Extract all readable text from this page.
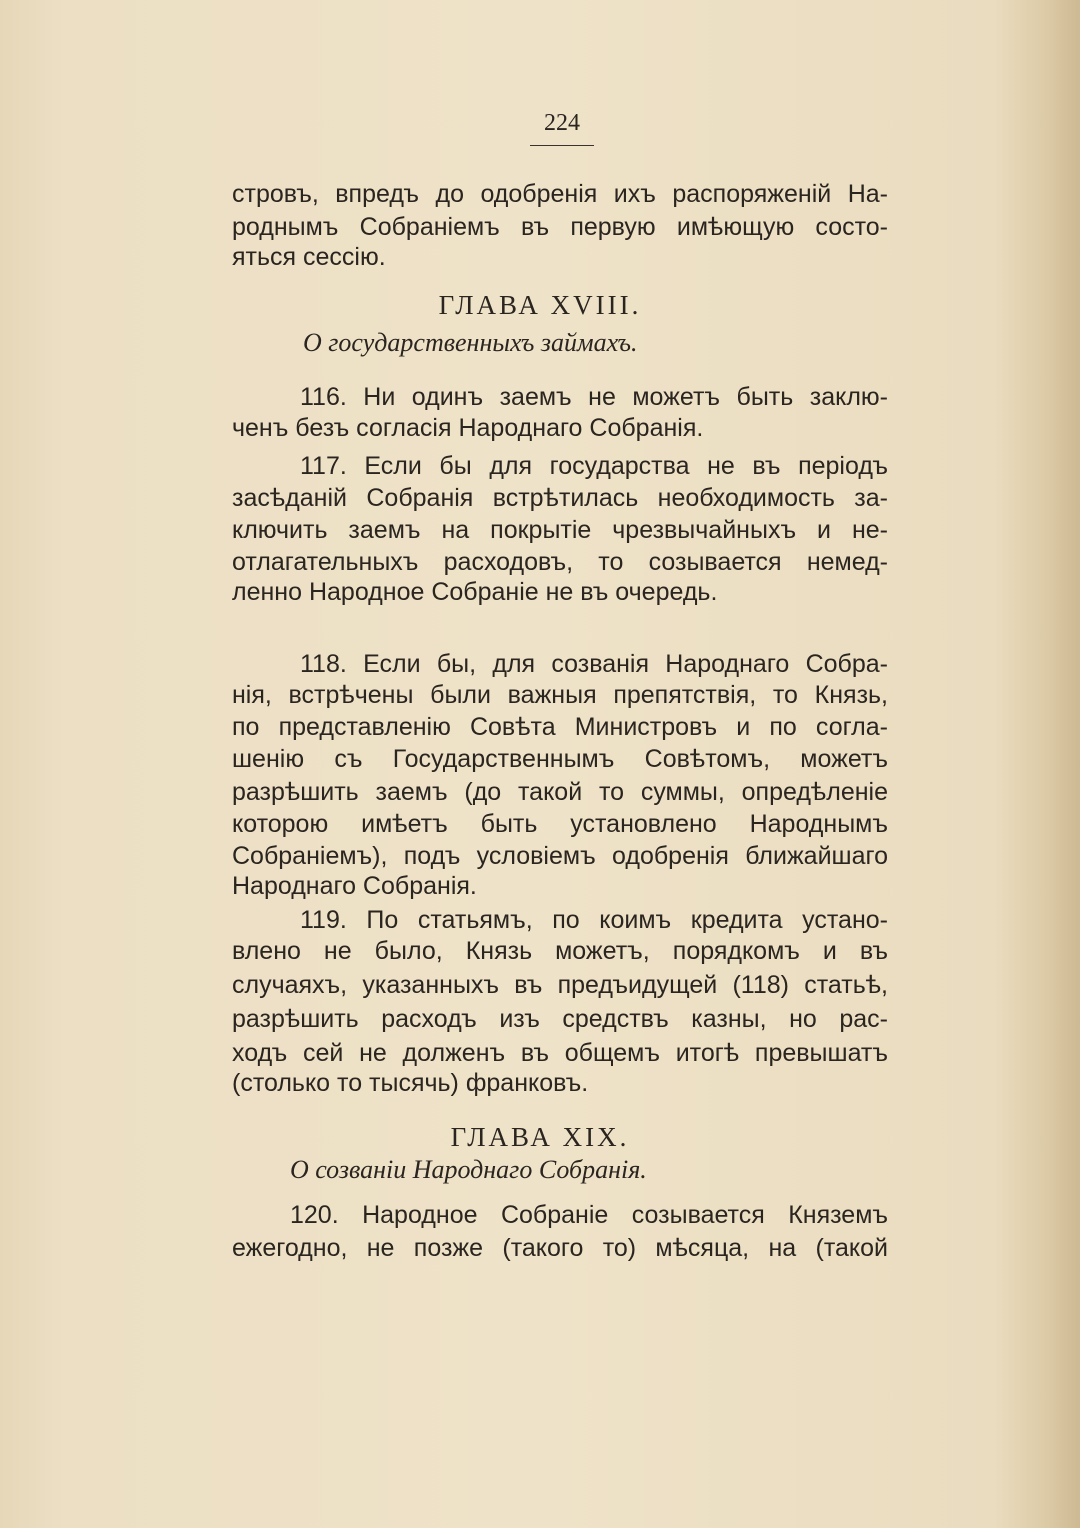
224
стровъ, впредъ до одобренія ихъ распоряженій На-
роднымъ Собраніемъ въ первую имѣющую состо-
яться сессію.
ГЛАВА XVIII.
О государственныхъ займахъ.
116. Ни одинъ заемъ не можетъ быть заклю-
ченъ безъ согласія Народнаго Собранія.
117. Если бы для государства не въ періодъ
засѣданій Собранія встрѣтилась необходимость за-
ключить заемъ на покрытіе чрезвычайныхъ и не-
отлагательныхъ расходовъ, то созывается немед-
ленно Народное Собраніе не въ очередь.
118. Если бы, для созванія Народнаго Собра-
нія, встрѣчены были важныя препятствія, то Князь,
по представленію Совѣта Министровъ и по согла-
шенію съ Государственнымъ Совѣтомъ, можетъ
разрѣшить заемъ (до такой то суммы, опредѣленіе
которою имѣетъ быть установлено Народнымъ
Собраніемъ), подъ условіемъ одобренія ближайшаго
Народнаго Собранія.
119. По статьямъ, по коимъ кредита устано-
влено не было, Князь можетъ, порядкомъ и въ
случаяхъ, указанныхъ въ предъидущей (118) статьѣ,
разрѣшить расходъ изъ средствъ казны, но рас-
ходъ сей не долженъ въ общемъ итогѣ превышатъ
(столько то тысячь) франковъ.
ГЛАВА XIX.
О созваніи Народнаго Собранія.
120. Народное Собраніе созывается Княземъ
ежегодно, не позже (такого то) мѣсяца, на (такой
